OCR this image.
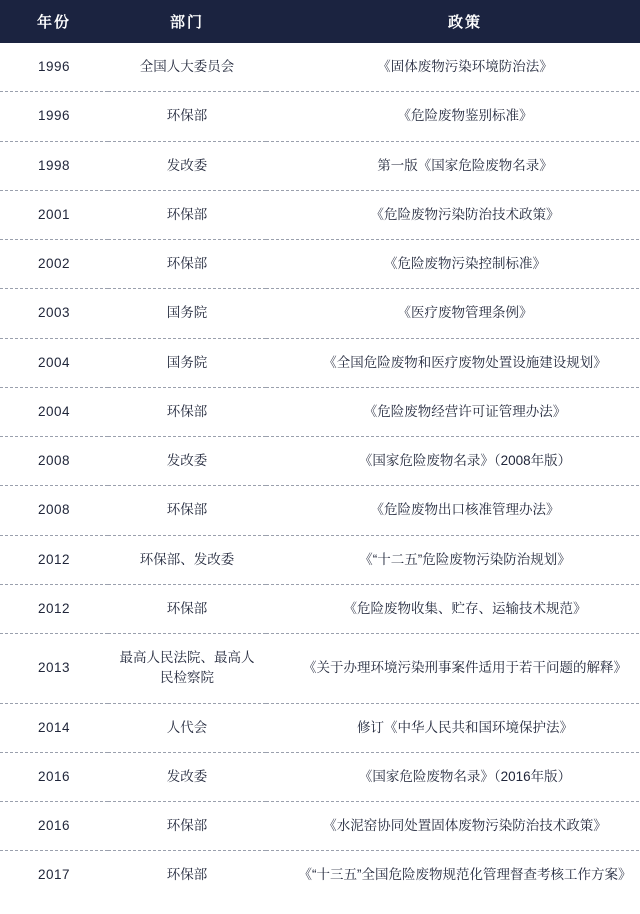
年份	部门	政策
1996	全国人大委员会	《固体废物污染环境防治法》
1996	环保部	《危险废物鉴别标准》
1998	发改委	第一版《国家危险废物名录》
2001	环保部	《危险废物污染防治技术政策》
2002	环保部	《危险废物污染控制标准》
2003	国务院	《医疗废物管理条例》
2004	国务院	《全国危险废物和医疗废物处置设施建设规划》
2004	环保部	《危险废物经营许可证管理办法》
2008	发改委	《国家危险废物名录》（2008年版）
2008	环保部	《危险废物出口核准管理办法》
2012	环保部、发改委	《“十二五”危险废物污染防治规划》
2012	环保部	《危险废物收集、贮存、运输技术规范》
2013	最高人民法院、最高人民检察院	《关于办理环境污染刑事案件适用于若干问题的解释》
2014	人代会	修订《中华人民共和国环境保护法》
2016	发改委	《国家危险废物名录》（2016年版）
2016	环保部	《水泥窑协同处置固体废物污染防治技术政策》
2017	环保部	《“十三五”全国危险废物规范化管理督查考核工作方案》
